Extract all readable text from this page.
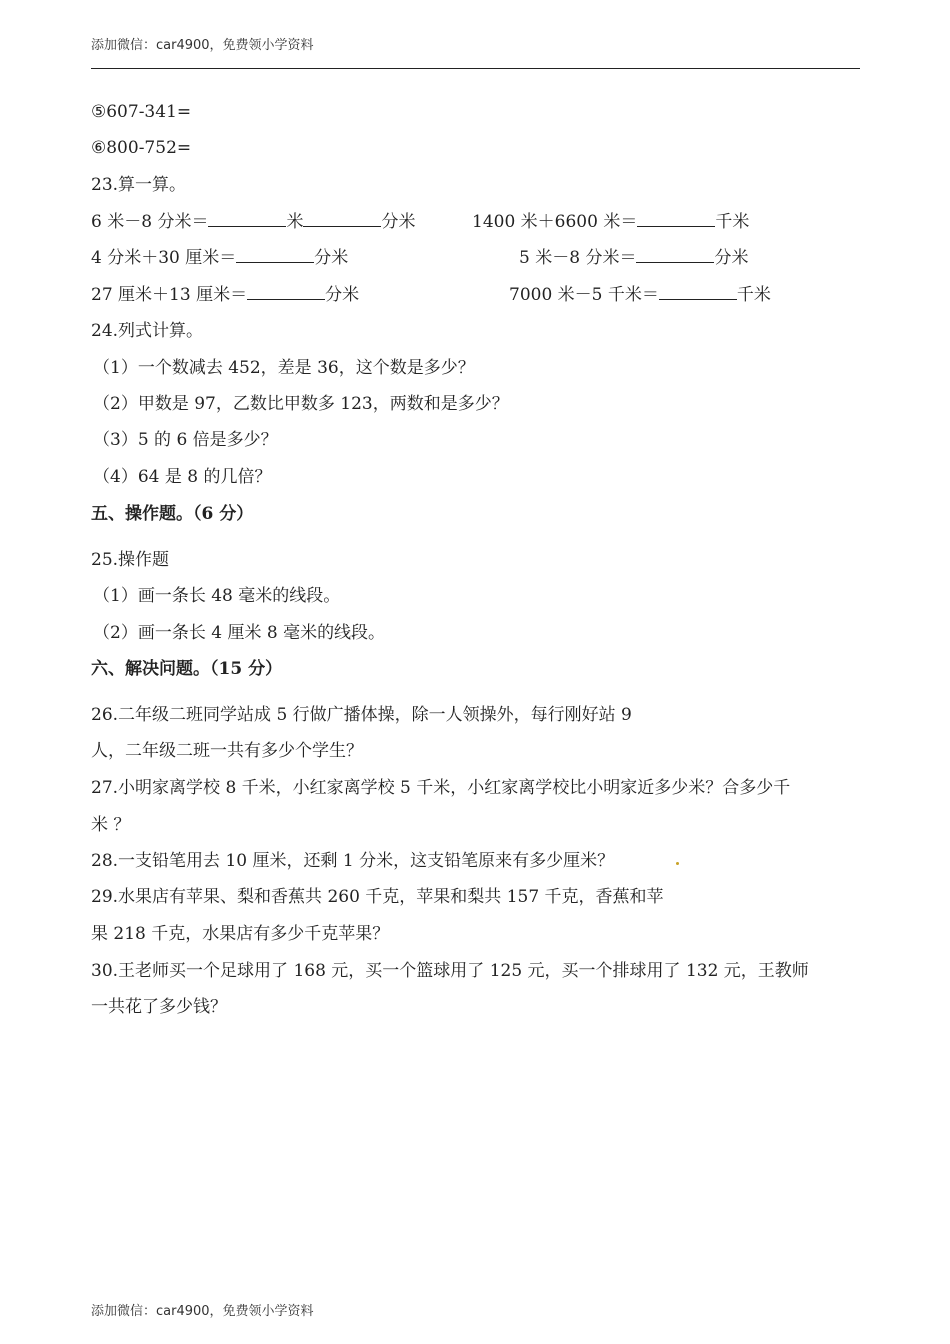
添加微信：car4900，免费领小学资料
⑤607-341=
⑥800-752=
23.算一算。
6 米－8 分米＝	米	分米	1400 米＋6600 米＝	千米
4 分米＋30 厘米＝	分米	5 米－8 分米＝	分米
27 厘米＋13 厘米＝	分米	7000 米－5 千米＝	千米
24.列式计算。
（1）一个数减去 452，差是 36，这个数是多少？
（2）甲数是 97，乙数比甲数多 123，两数和是多少？
（3）5 的 6 倍是多少？
（4）64 是 8 的几倍？
五、操作题。（6 分）
25.操作题
（1）画一条长 48 毫米的线段。
（2）画一条长 4 厘米 8 毫米的线段。
六、解决问题。（15 分）
26.二年级二班同学站成 5 行做广播体操，除一人领操外，每行刚好站 9
人，二年级二班一共有多少个学生？
27.小明家离学校 8 千米，小红家离学校 5 千米，小红家离学校比小明家近多少米？合多少千
米 ？
28.一支铅笔用去 10 厘米，还剩 1 分米，这支铅笔原来有多少厘米？
29.水果店有苹果、梨和香蕉共 260 千克，苹果和梨共 157 千克，香蕉和苹
果 218 千克，水果店有多少千克苹果？
30.王老师买一个足球用了 168 元，买一个篮球用了 125 元，买一个排球用了 132 元，王教师
一共花了多少钱？
添加微信：car4900，免费领小学资料
